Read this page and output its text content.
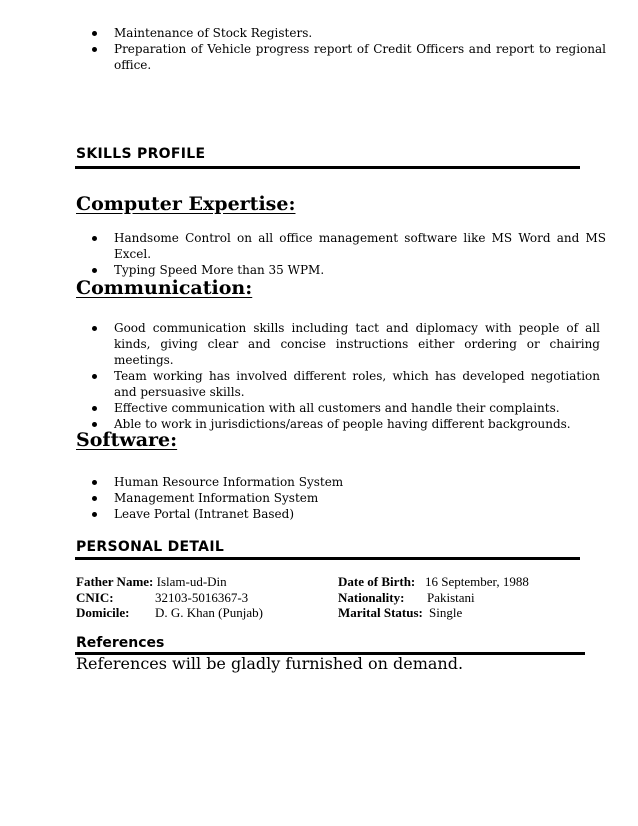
Maintenance of Stock Registers.
Preparation of Vehicle progress report of Credit Officers and report to regional office.
SKILLS PROFILE
Computer Expertise:
Handsome Control on all office management software like MS Word and MS Excel.
Typing Speed More than 35 WPM.
Communication:
Good communication skills including tact and diplomacy with people of all kinds, giving clear and concise instructions either ordering or chairing meetings.
Team working has involved different roles, which has developed negotiation and persuasive skills.
Effective communication with all customers and handle their complaints.
Able to work in jurisdictions/areas of people having different backgrounds.
Software:
Human Resource Information System
Management Information System
Leave Portal (Intranet Based)
PERSONAL DETAIL
Father Name: Islam-ud-Din
CNIC:	32103-5016367-3
Domicile: D. G. Khan (Punjab)
Date of Birth: 16 September, 1988
Nationality: Pakistani
Marital Status: Single
References
References will be gladly furnished on demand.
